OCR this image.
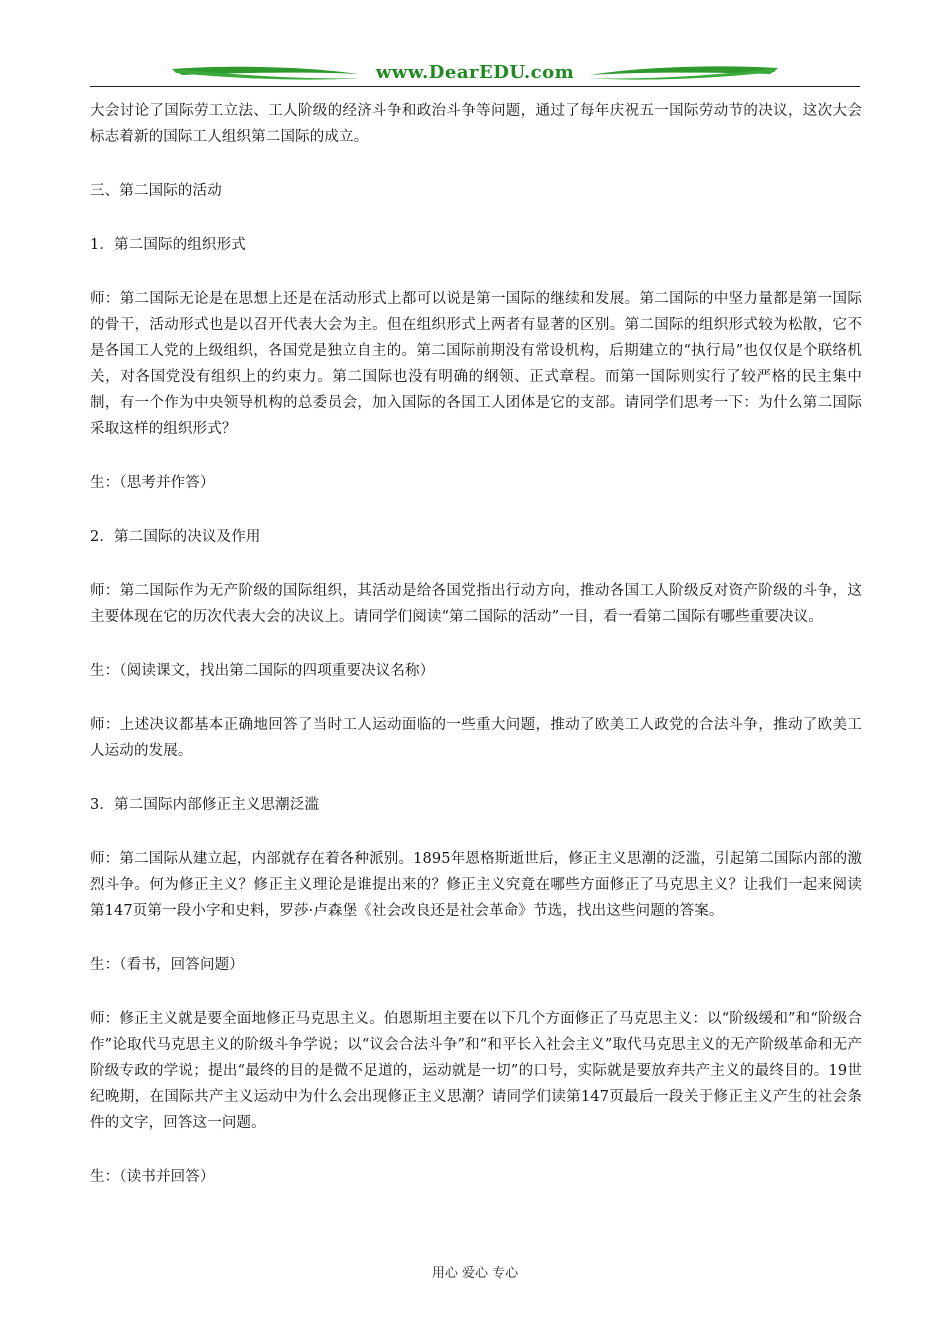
www.DearEDU.com

大会讨论了国际劳工立法、工人阶级的经济斗争和政治斗争等问题，通过了每年庆祝五一国际劳动节的决议，这次大会标志着新的国际工人组织第二国际的成立。

三、第二国际的活动

1．第二国际的组织形式

师：第二国际无论是在思想上还是在活动形式上都可以说是第一国际的继续和发展。第二国际的中坚力量都是第一国际的骨干，活动形式也是以召开代表大会为主。但在组织形式上两者有显著的区别。第二国际的组织形式较为松散，它不是各国工人党的上级组织，各国党是独立自主的。第二国际前期没有常设机构，后期建立的“执行局”也仅仅是个联络机关，对各国党没有组织上的约束力。第二国际也没有明确的纲领、正式章程。而第一国际则实行了较严格的民主集中制，有一个作为中央领导机构的总委员会，加入国际的各国工人团体是它的支部。请同学们思考一下：为什么第二国际采取这样的组织形式？

生：（思考并作答）

2．第二国际的决议及作用

师：第二国际作为无产阶级的国际组织，其活动是给各国党指出行动方向，推动各国工人阶级反对资产阶级的斗争，这主要体现在它的历次代表大会的决议上。请同学们阅读“第二国际的活动”一目，看一看第二国际有哪些重要决议。

生：（阅读课文，找出第二国际的四项重要决议名称）

师：上述决议都基本正确地回答了当时工人运动面临的一些重大问题，推动了欧美工人政党的合法斗争，推动了欧美工人运动的发展。

3．第二国际内部修正主义思潮泛滥

师：第二国际从建立起，内部就存在着各种派别。1895年恩格斯逝世后，修正主义思潮的泛滥，引起第二国际内部的激烈斗争。何为修正主义？修正主义理论是谁提出来的？修正主义究竟在哪些方面修正了马克思主义？让我们一起来阅读第147页第一段小字和史料，罗莎·卢森堡《社会改良还是社会革命》节选，找出这些问题的答案。

生：（看书，回答问题）

师：修正主义就是要全面地修正马克思主义。伯恩斯坦主要在以下几个方面修正了马克思主义：以“阶级缓和”和“阶级合作”论取代马克思主义的阶级斗争学说；以“议会合法斗争”和“和平长入社会主义”取代马克思主义的无产阶级革命和无产阶级专政的学说；提出“最终的目的是微不足道的，运动就是一切”的口号，实际就是要放弃共产主义的最终目的。19世纪晚期，在国际共产主义运动中为什么会出现修正主义思潮？请同学们读第147页最后一段关于修正主义产生的社会条件的文字，回答这一问题。

生：（读书并回答）

用心 爱心 专心
